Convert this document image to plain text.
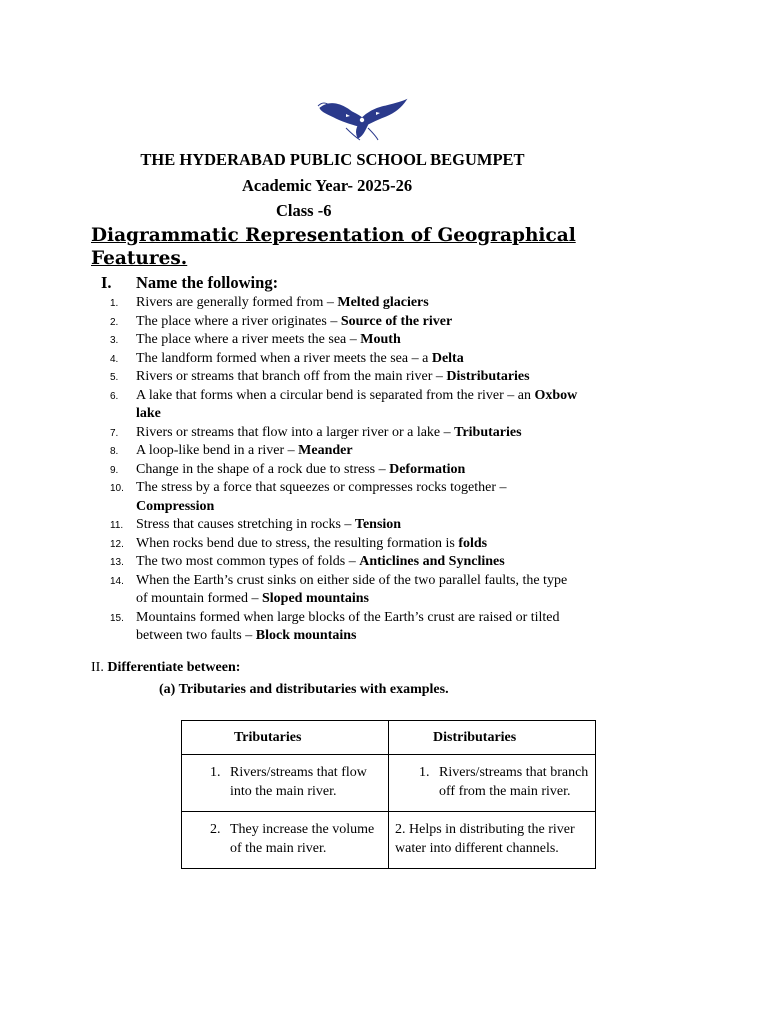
THE HYDERABAD PUBLIC SCHOOL BEGUMPET
Academic Year- 2025-26
Class -6
Diagrammatic Representation of Geographical Features.
I. Name the following:
1.	Rivers are generally formed from – Melted glaciers
2.	The place where a river originates – Source of the river
3.	The place where a river meets the sea – Mouth
4.	The landform formed when a river meets the sea – a Delta
5.	Rivers or streams that branch off from the main river – Distributaries
6.	A lake that forms when a circular bend is separated from the river – an Oxbow lake
7.	Rivers or streams that flow into a larger river or a lake – Tributaries
8.	A loop-like bend in a river – Meander
9.	Change in the shape of a rock due to stress – Deformation
10. The stress by a force that squeezes or compresses rocks together – Compression
11. Stress that causes stretching in rocks – Tension
12. When rocks bend due to stress, the resulting formation is folds
13. The two most common types of folds – Anticlines and Synclines
14. When the Earth’s crust sinks on either side of the two parallel faults, the type of mountain formed – Sloped mountains
15. Mountains formed when large blocks of the Earth’s crust are raised or tilted between two faults – Block mountains
II. Differentiate between:
(a) Tributaries and distributaries with examples.
Tributaries	Distributaries

1. Rivers/streams that flow into the main river.	1. Rivers/streams that branch off from the main river.

2. They increase the volume of the main river.	2. Helps in distributing the river water into different channels.
